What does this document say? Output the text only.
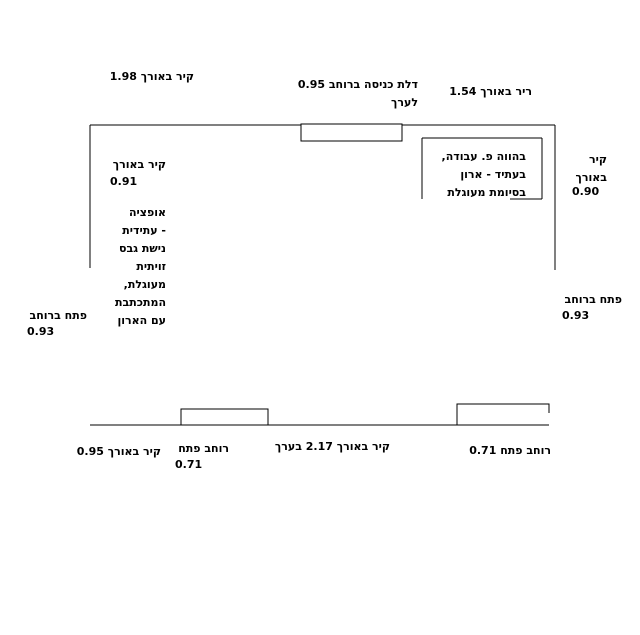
קיר באורך 1.98
דלת כניסה ברוחב 0.95
לערך
ריר באורך 1.54
קיר באורך
0.91
בהווה פ. עבודה,
בעתיד - ארון
בסיומת מעוגלת
קיר
באורך
0.90
אופציה
- עתידית
נישת גבס
זויתית
מעוגלת,
המתכתבת
עם הארון
פתח ברוחב
0.93
פתח ברוחב
0.93
קיר באורך 0.95 רוחב פתח
0.71
קיר באורך 2.17 בערך	רוחב פתח 0.71
